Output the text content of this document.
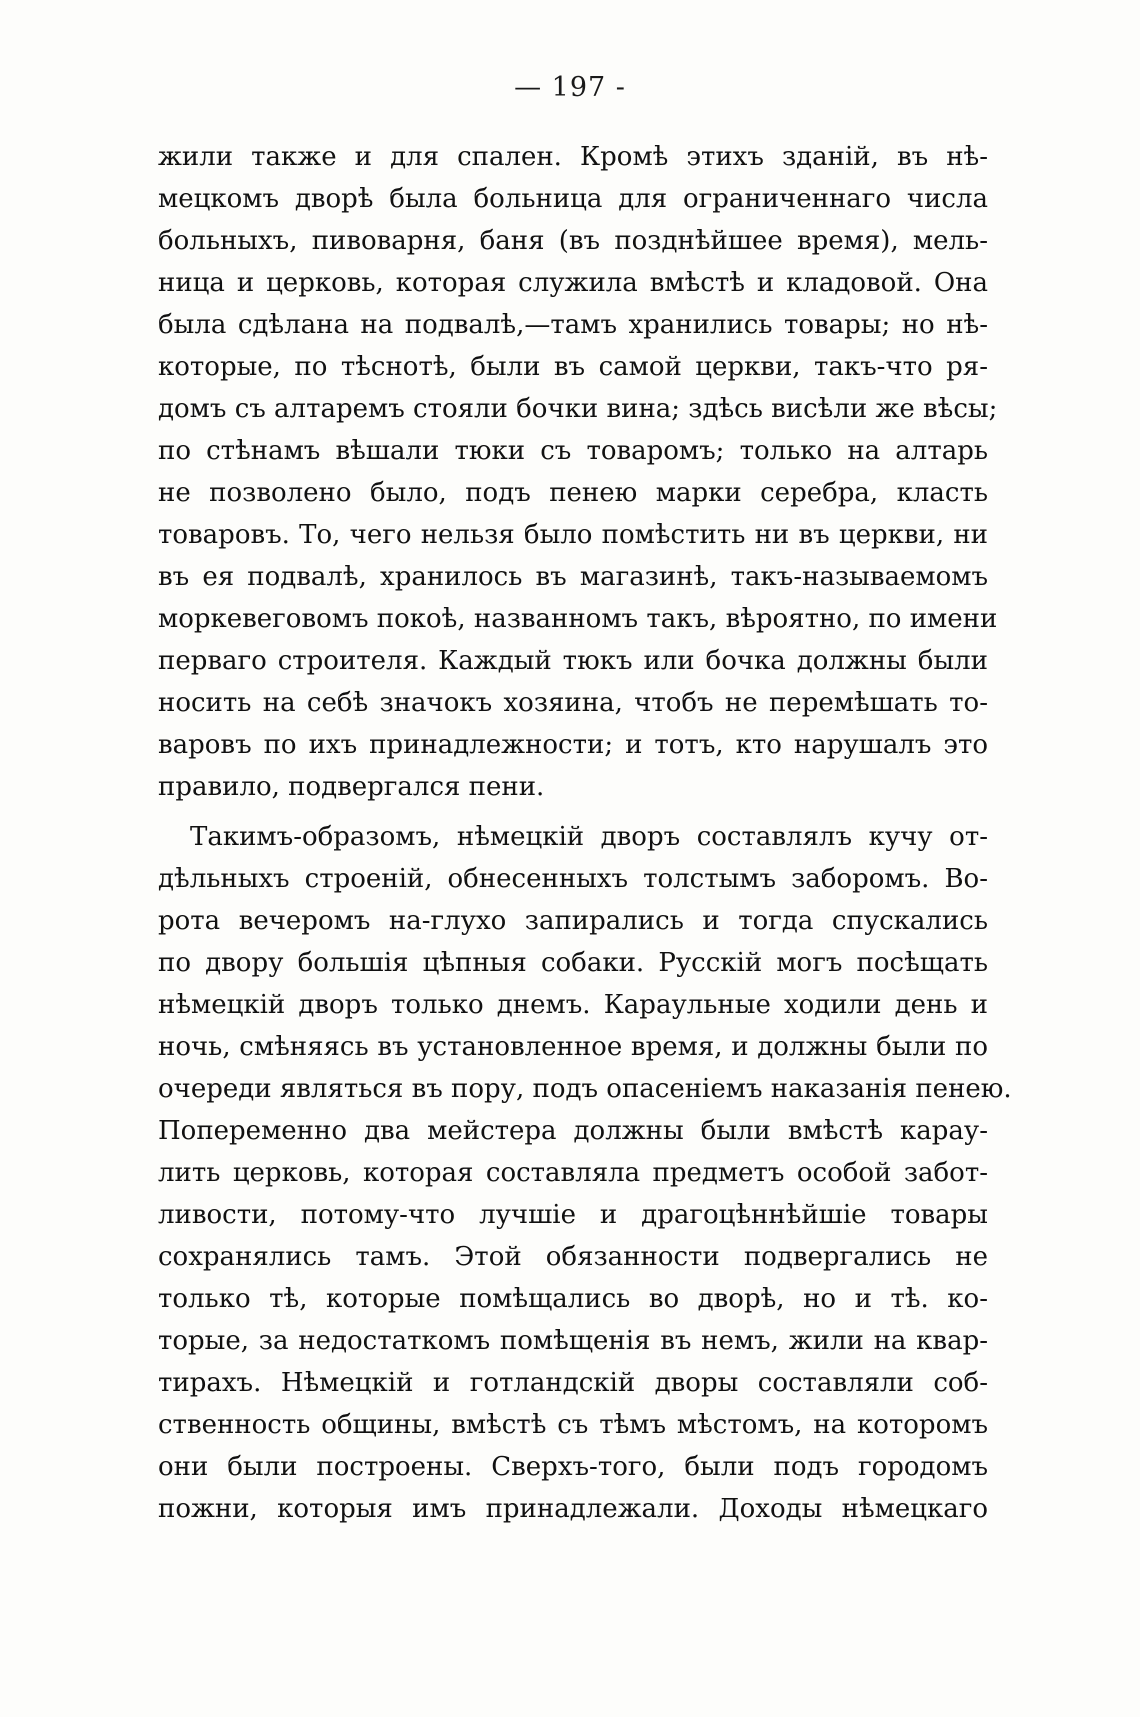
— 197 -
жили также и для спален. Кромѣ этихъ зданій, въ нѣ-
мецкомъ дворѣ была больница для ограниченнаго числа
больныхъ, пивоварня, баня (въ позднѣйшее время), мель-
ница и церковь, которая служила вмѣстѣ и кладовой. Она
была сдѣлана на подвалѣ,—тамъ хранились товары; но нѣ-
которые, по тѣснотѣ, были въ самой церкви, такъ-что ря-
домъ съ алтаремъ стояли бочки вина; здѣсь висѣли же вѣсы;
по стѣнамъ вѣшали тюки съ товаромъ; только на алтарь
не позволено было, подъ пенею марки серебра, класть
товаровъ. То, чего нельзя было помѣстить ни въ церкви, ни
въ ея подвалѣ, хранилось въ магазинѣ, такъ-называемомъ
моркевеговомъ покоѣ, названномъ такъ, вѣроятно, по имени
перваго строителя. Каждый тюкъ или бочка должны были
носить на себѣ значокъ хозяина, чтобъ не перемѣшать то-
варовъ по ихъ принадлежности; и тотъ, кто нарушалъ это
правило, подвергался пени.
Такимъ-образомъ, нѣмецкій дворъ составлялъ кучу от-
дѣльныхъ строеній, обнесенныхъ толстымъ заборомъ. Во-
рота вечеромъ на-глухо запирались и тогда спускались
по двору большія цѣпныя собаки. Русскій могъ посѣщать
нѣмецкій дворъ только днемъ. Караульные ходили день и
ночь, смѣняясь въ установленное время, и должны были по
очереди являться въ пору, подъ опасеніемъ наказанія пенею.
Попеременно два мейстера должны были вмѣстѣ карау-
лить церковь, которая составляла предметъ особой забот-
ливости, потому-что лучшіе и драгоцѣннѣйшіе товары
сохранялись тамъ. Этой обязанности подвергались не
только тѣ, которые помѣщались во дворѣ, но и тѣ. ко-
торые, за недостаткомъ помѣщенія въ немъ, жили на квар-
тирахъ. Нѣмецкій и готландскій дворы составляли соб-
ственность общины, вмѣстѣ съ тѣмъ мѣстомъ, на которомъ
они были построены. Сверхъ-того, были подъ городомъ
пожни, которыя имъ принадлежали. Доходы нѣмецкаго
